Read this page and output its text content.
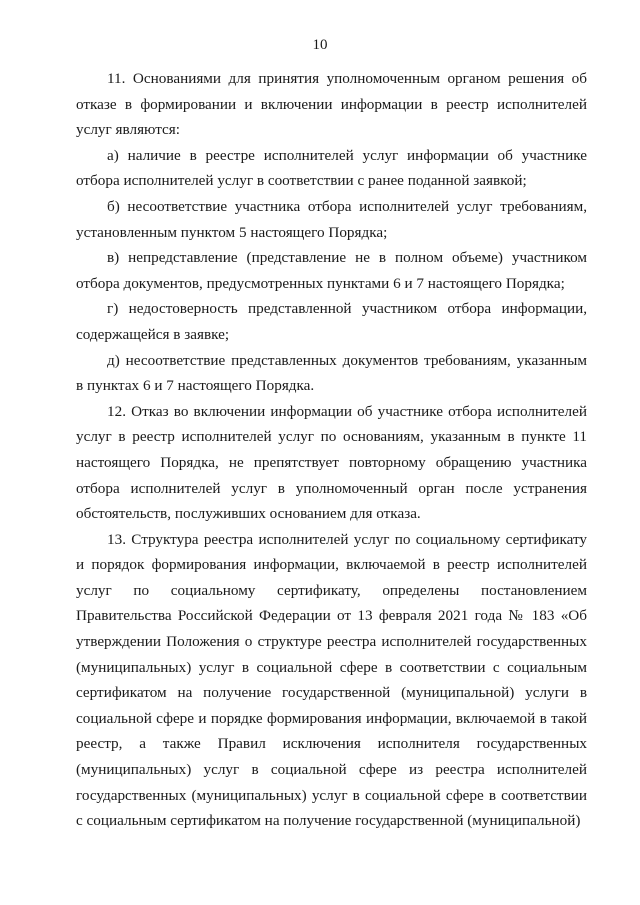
10

11. Основаниями для принятия уполномоченным органом решения об отказе в формировании и включении информации в реестр исполнителей услуг являются:

а) наличие в реестре исполнителей услуг информации об участнике отбора исполнителей услуг в соответствии с ранее поданной заявкой;

б) несоответствие участника отбора исполнителей услуг требованиям, установленным пунктом 5 настоящего Порядка;

в) непредставление (представление не в полном объеме) участником отбора документов, предусмотренных пунктами 6 и 7 настоящего Порядка;

г) недостоверность представленной участником отбора информации, содержащейся в заявке;

д) несоответствие представленных документов требованиям, указанным в пунктах 6 и 7 настоящего Порядка.

12. Отказ во включении информации об участнике отбора исполнителей услуг в реестр исполнителей услуг по основаниям, указанным в пункте 11 настоящего Порядка, не препятствует повторному обращению участника отбора исполнителей услуг в уполномоченный орган после устранения обстоятельств, послуживших основанием для отказа.

13. Структура реестра исполнителей услуг по социальному сертификату и порядок формирования информации, включаемой в реестр исполнителей услуг по социальному сертификату, определены постановлением Правительства Российской Федерации от 13 февраля 2021 года № 183 «Об утверждении Положения о структуре реестра исполнителей государственных (муниципальных) услуг в социальной сфере в соответствии с социальным сертификатом на получение государственной (муниципальной) услуги в социальной сфере и порядке формирования информации, включаемой в такой реестр, а также Правил исключения исполнителя государственных (муниципальных) услуг в социальной сфере из реестра исполнителей государственных (муниципальных) услуг в социальной сфере в соответствии с социальным сертификатом на получение государственной (муниципальной)
